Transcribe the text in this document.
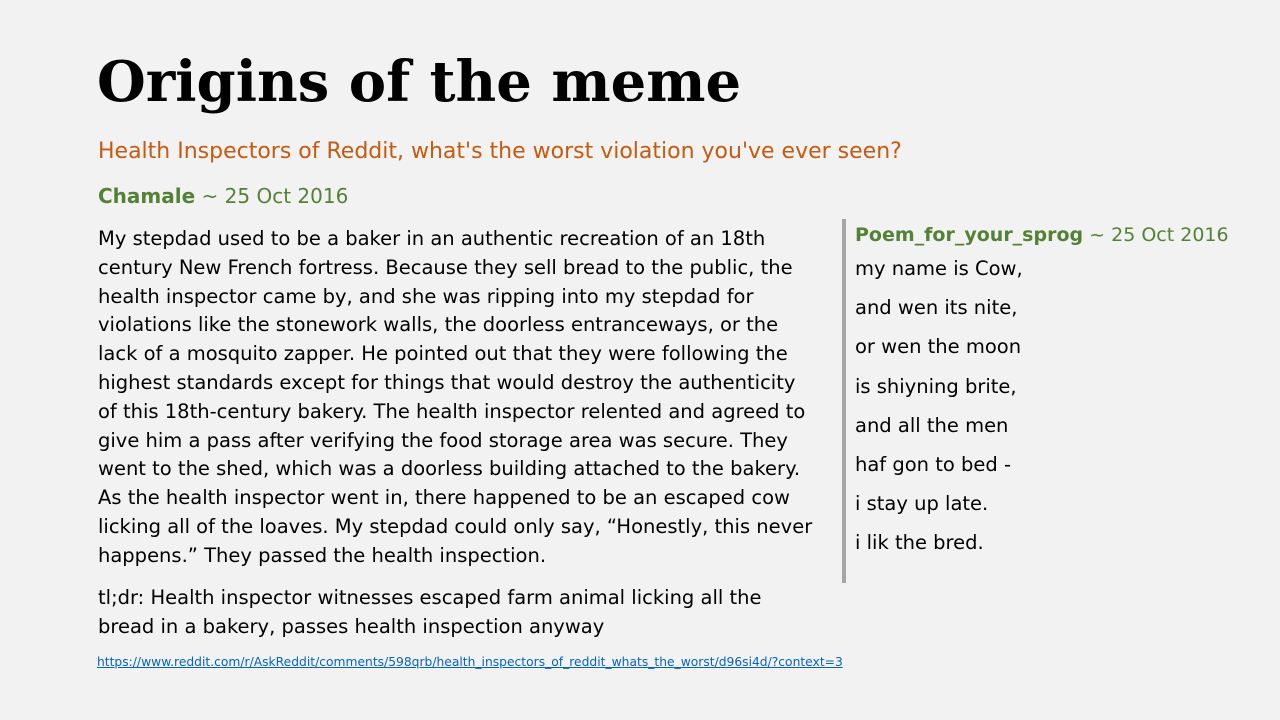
Origins of the meme
Health Inspectors of Reddit, what's the worst violation you've ever seen?
Chamale ~ 25 Oct 2016

My stepdad used to be a baker in an authentic recreation of an 18th century New French fortress. Because they sell bread to the public, the health inspector came by, and she was ripping into my stepdad for violations like the stonework walls, the doorless entranceways, or the lack of a mosquito zapper. He pointed out that they were following the highest standards except for things that would destroy the authenticity of this 18th-century bakery. The health inspector relented and agreed to give him a pass after verifying the food storage area was secure. They went to the shed, which was a doorless building attached to the bakery. As the health inspector went in, there happened to be an escaped cow licking all of the loaves. My stepdad could only say, “Honestly, this never happens.” They passed the health inspection.

tl;dr: Health inspector witnesses escaped farm animal licking all the bread in a bakery, passes health inspection anyway

Poem_for_your_sprog ~ 25 Oct 2016
my name is Cow,
and wen its nite,
or wen the moon
is shiyning brite,
and all the men
haf gon to bed -
i stay up late.
i lik the bred.
https://www.reddit.com/r/AskReddit/comments/598qrb/health_inspectors_of_reddit_whats_the_worst/d96si4d/?context=3
